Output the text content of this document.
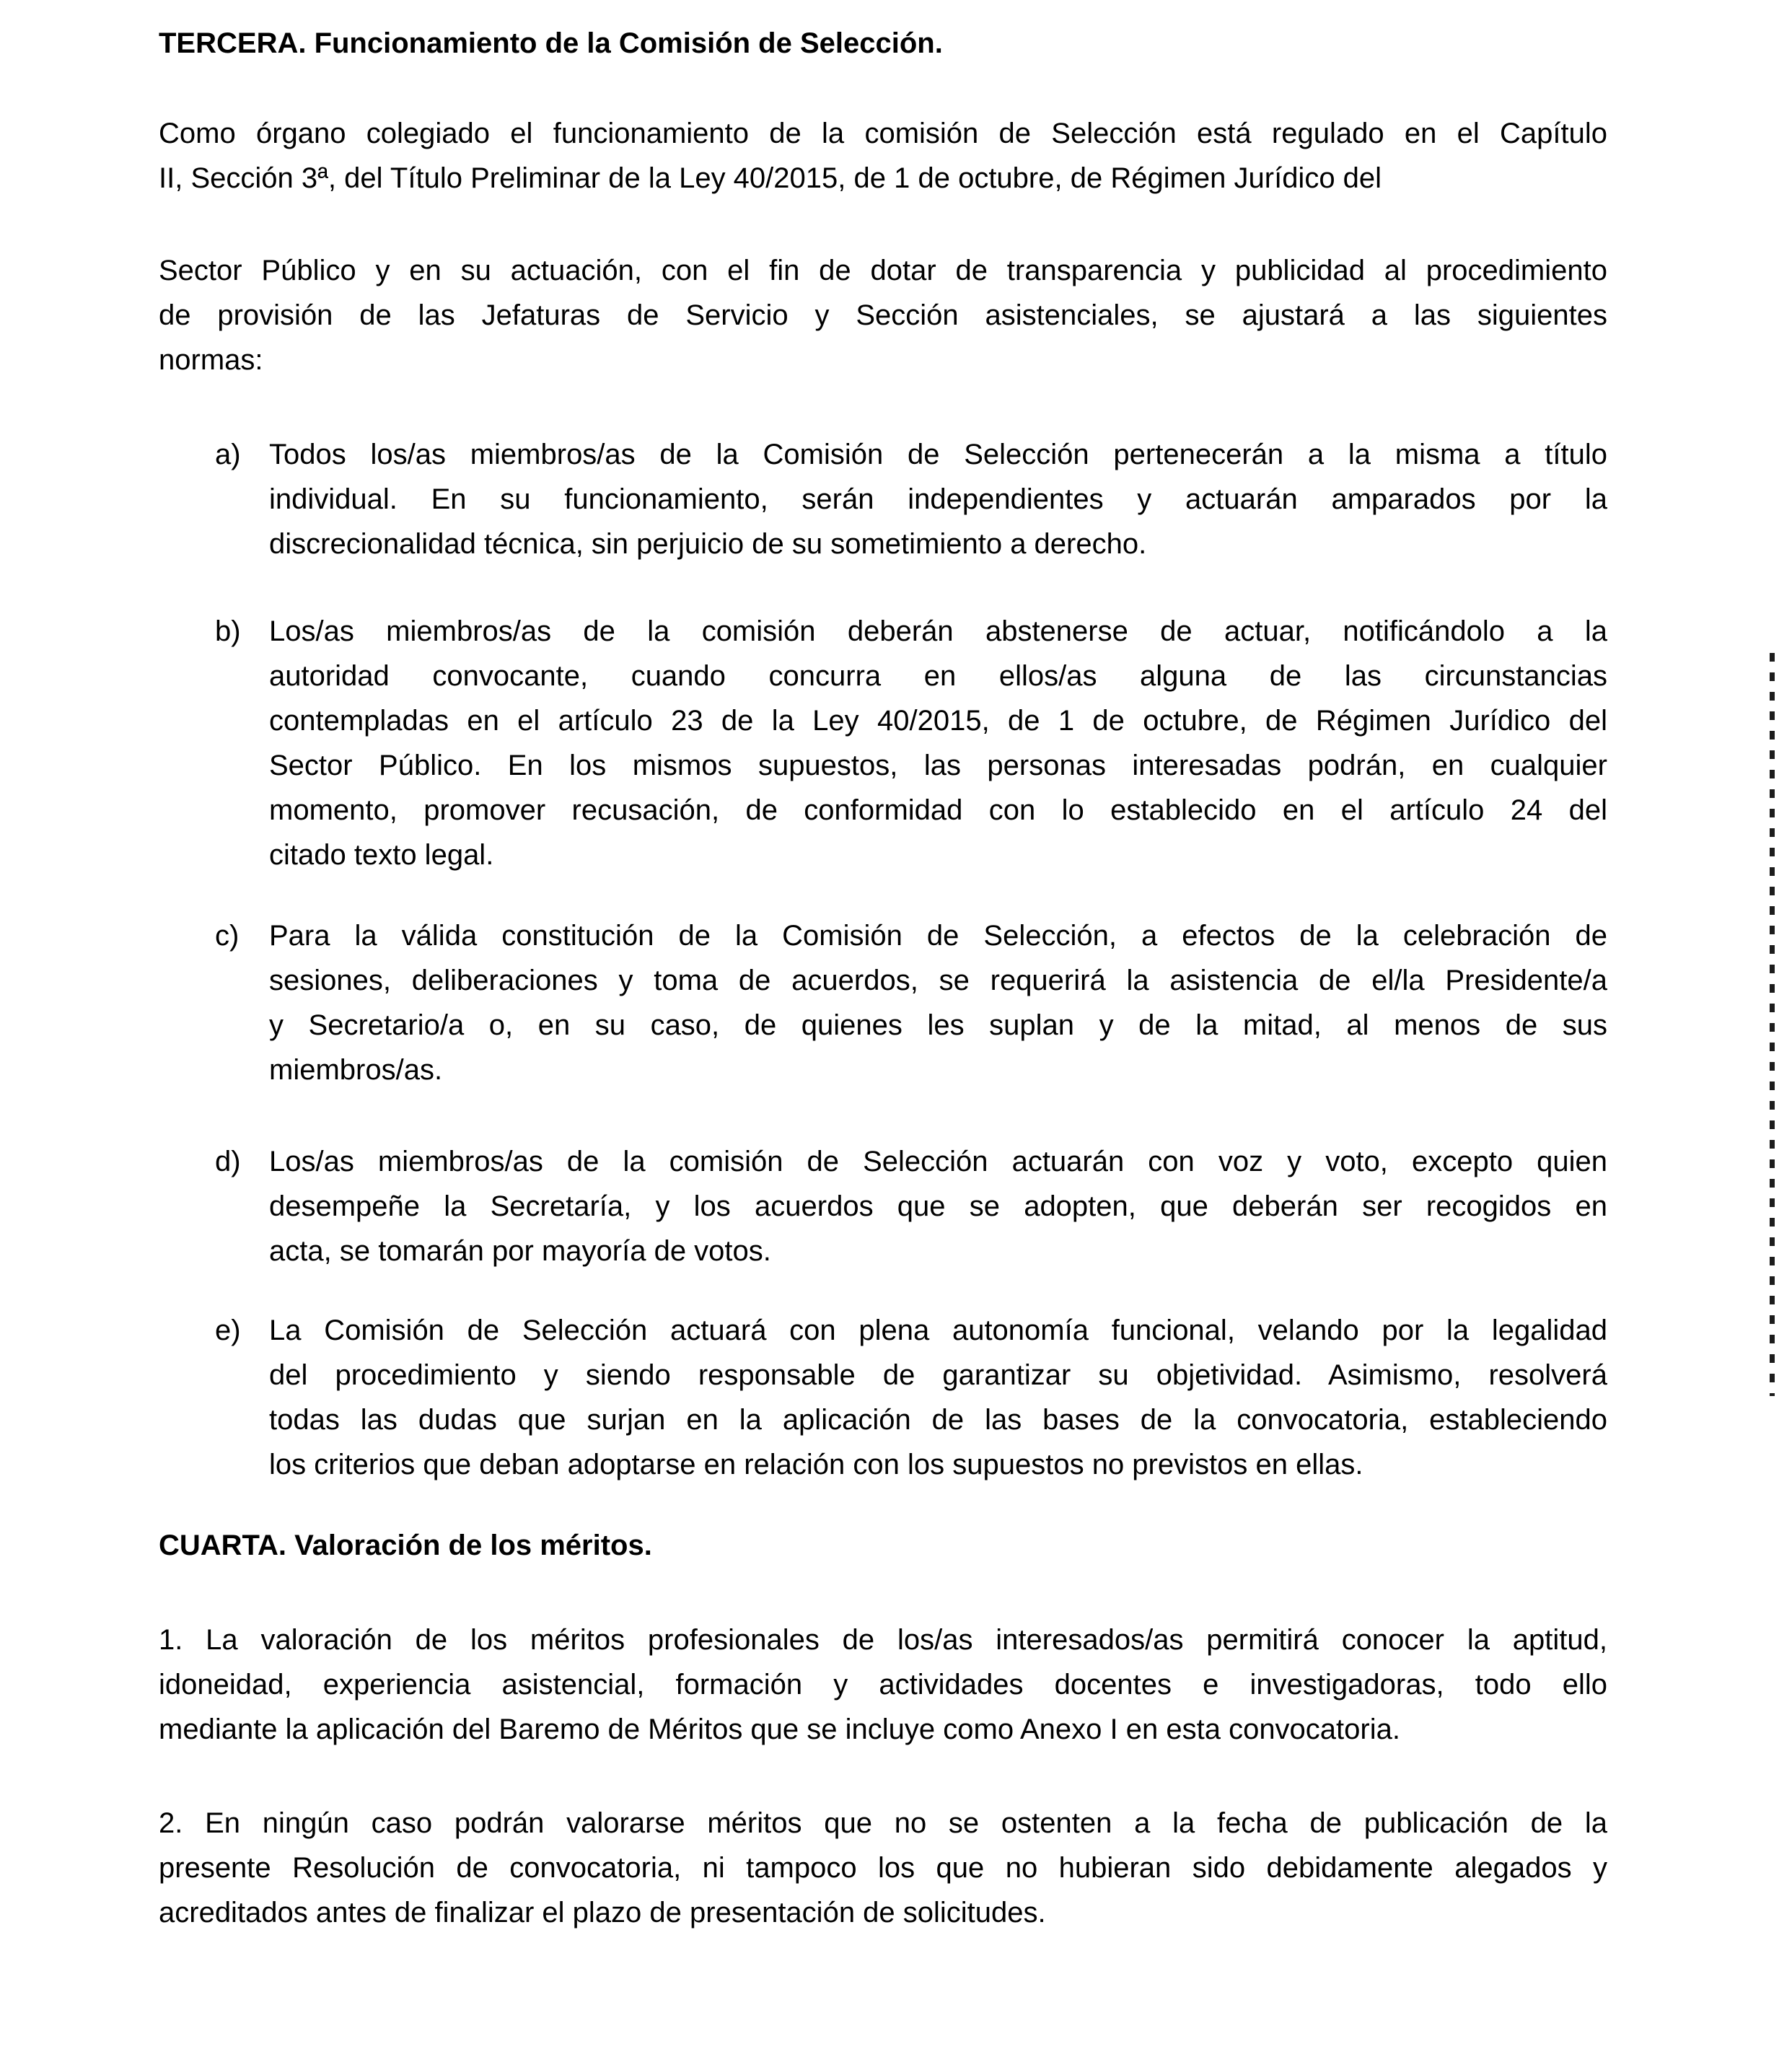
TERCERA. Funcionamiento de la Comisión de Selección.
Como órgano colegiado el funcionamiento de la comisión de Selección está regulado en el Capítulo
II, Sección 3ª, del Título Preliminar de la Ley 40/2015, de 1 de octubre, de Régimen Jurídico del
Sector Público y en su actuación, con el fin de dotar de transparencia y publicidad al procedimiento
de provisión de las Jefaturas de Servicio y Sección asistenciales, se ajustará a las siguientes
normas:
a) Todos los/as miembros/as de la Comisión de Selección pertenecerán a la misma a título
individual. En su funcionamiento, serán independientes y actuarán amparados por la
discrecionalidad técnica, sin perjuicio de su sometimiento a derecho.
b) Los/as miembros/as de la comisión deberán abstenerse de actuar, notificándolo a la
autoridad convocante, cuando concurra en ellos/as alguna de las circunstancias
contempladas en el artículo 23 de la Ley 40/2015, de 1 de octubre, de Régimen Jurídico del
Sector Público. En los mismos supuestos, las personas interesadas podrán, en cualquier
momento, promover recusación, de conformidad con lo establecido en el artículo 24 del
citado texto legal.
c)	Para la válida constitución de la Comisión de Selección, a efectos de la celebración de
sesiones, deliberaciones y toma de acuerdos, se requerirá la asistencia de el/la Presidente/a
y Secretario/a o, en su caso, de quienes les suplan y de la mitad, al menos de sus
miembros/as.
d) Los/as miembros/as de la comisión de Selección actuarán con voz y voto, excepto quien
desempeñe la Secretaría, y los acuerdos que se adopten, que deberán ser recogidos en
acta, se tomarán por mayoría de votos.
e) La Comisión de Selección actuará con plena autonomía funcional, velando por la legalidad
del procedimiento y siendo responsable de garantizar su objetividad. Asimismo, resolverá
todas las dudas que surjan en la aplicación de las bases de la convocatoria, estableciendo
los criterios que deban adoptarse en relación con los supuestos no previstos en ellas.
CUARTA. Valoración de los méritos.
1. La valoración de los méritos profesionales de los/as interesados/as permitirá conocer la aptitud,
idoneidad, experiencia asistencial, formación y actividades docentes e investigadoras, todo ello
mediante la aplicación del Baremo de Méritos que se incluye como Anexo I en esta convocatoria.
2. En ningún caso podrán valorarse méritos que no se ostenten a la fecha de publicación de la
presente Resolución de convocatoria, ni tampoco los que no hubieran sido debidamente alegados y
acreditados antes de finalizar el plazo de presentación de solicitudes.
